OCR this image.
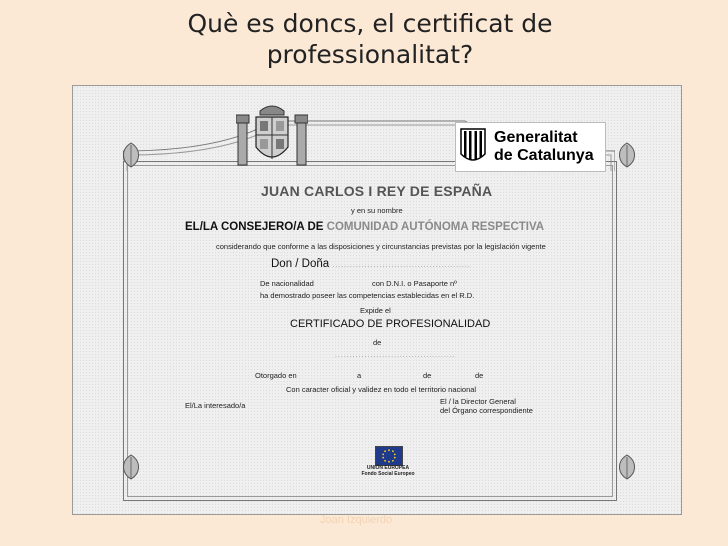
Què es doncs, el certificat de
professionalitat?
Generalitat
de Catalunya
JUAN CARLOS I REY DE ESPAÑA
y en su nombre
EL/LA CONSEJERO/A DE COMUNIDAD AUTÓNOMA RESPECTIVA
considerando que conforme a las disposiciones y circunstancias previstas por la legislación vigente
Don / Doña ...............................................
De nacionalidad	con D.N.I. o Pasaporte nº
ha demostrado poseer las competencias establecidas en el R.D.
Expide el
CERTIFICADO DE PROFESIONALIDAD
de
.........................................
Otorgado en	a	de	de
Con caracter oficial y validez en todo el territorio nacional
El/La interesado/a	El / la Director General
del Órgano correspondiente
UNIÓN EUROPEA
Fondo Social Europeo
Joan Izquierdo
